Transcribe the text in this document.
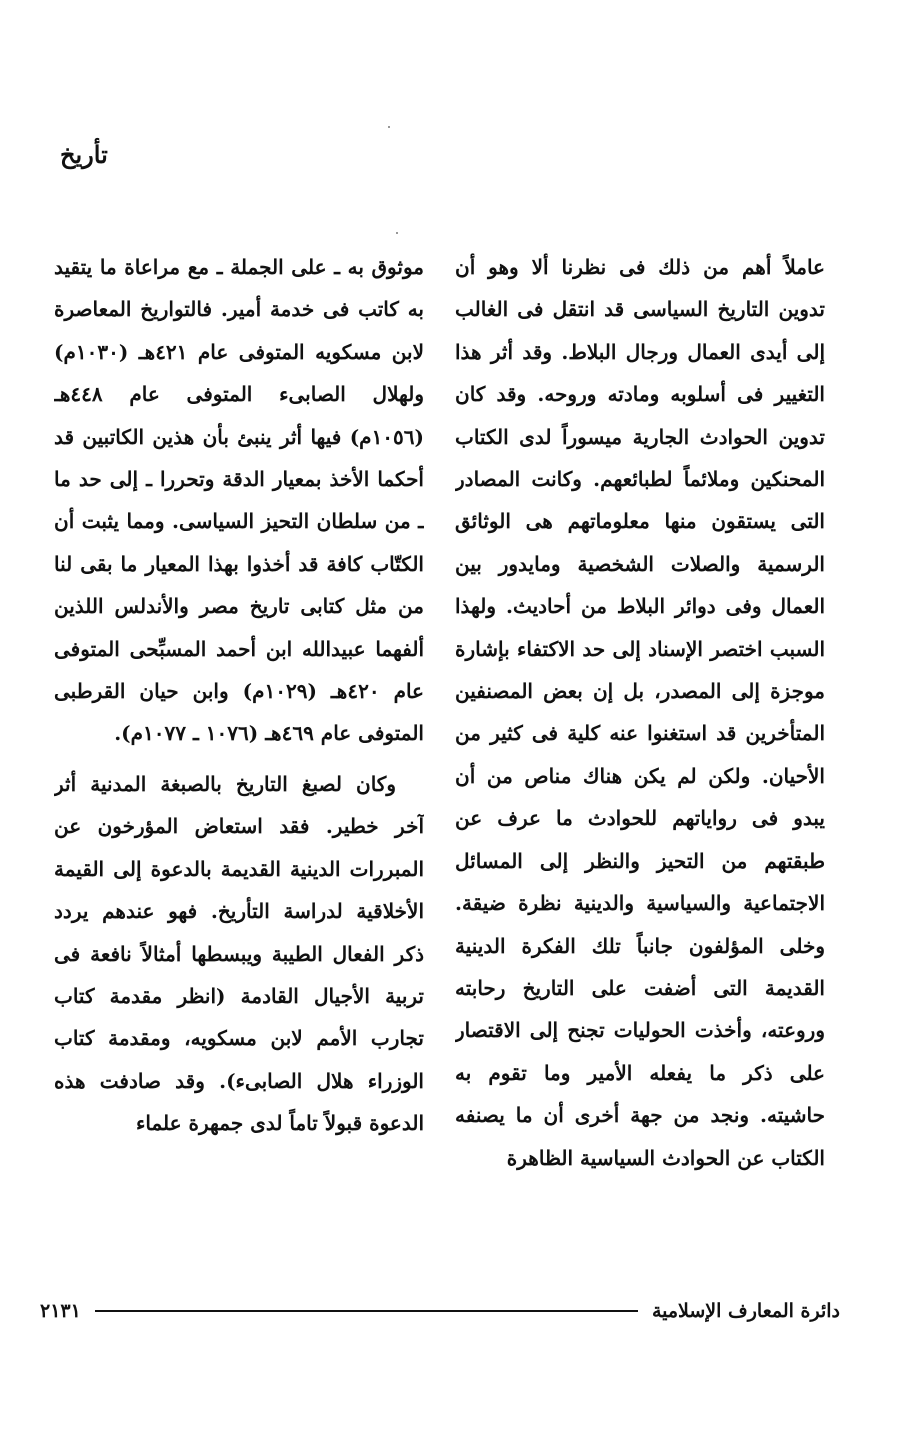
تأريخ

عاملاً أهم من ذلك فى نظرنا ألا وهو أن تدوين التاريخ السياسى قد انتقل فى الغالب إلى أيدى العمال ورجال البلاط. وقد أثر هذا التغيير فى أسلوبه ومادته وروحه. وقد كان تدوين الحوادث الجارية ميسوراً لدى الكتاب المحنكين وملائماً لطبائعهم. وكانت المصادر التى يستقون منها معلوماتهم هى الوثائق الرسمية والصلات الشخصية ومايدور بين العمال وفى دوائر البلاط من أحاديث. ولهذا السبب اختصر الإسناد إلى حد الاكتفاء بإشارة موجزة إلى المصدر، بل إن بعض المصنفين المتأخرين قد استغنوا عنه كلية فى كثير من الأحيان. ولكن لم يكن هناك مناص من أن يبدو فى رواياتهم للحوادث ما عرف عن طبقتهم من التحيز والنظر إلى المسائل الاجتماعية والسياسية والدينية نظرة ضيقة. وخلى المؤلفون جانباً تلك الفكرة الدينية القديمة التى أضفت على التاريخ رحابته وروعته، وأخذت الحوليات تجنح إلى الاقتصار على ذكر ما يفعله الأمير وما تقوم به حاشيته. ونجد من جهة أخرى أن ما يصنفه الكتاب عن الحوادث السياسية الظاهرة

موثوق به ـ على الجملة ـ مع مراعاة ما يتقيد به كاتب فى خدمة أمير. فالتواريخ المعاصرة لابن مسكويه المتوفى عام ٤٢١هـ (١٠٣٠م) ولهلال الصابىء المتوفى عام ٤٤٨هـ (١٠٥٦م) فيها أثر ينبئ بأن هذين الكاتبين قد أحكما الأخذ بمعيار الدقة وتحررا ـ إلى حد ما ـ من سلطان التحيز السياسى. ومما يثبت أن الكتّاب كافة قد أخذوا بهذا المعيار ما بقى لنا من مثل كتابى تاريخ مصر والأندلس اللذين ألفهما عبيدالله ابن أحمد المسبِّحى المتوفى عام ٤٢٠هـ (١٠٢٩م) وابن حيان القرطبى المتوفى عام ٤٦٩هـ (١٠٧٦ ـ ١٠٧٧م).

وكان لصبغ التاريخ بالصبغة المدنية أثر آخر خطير. فقد استعاض المؤرخون عن المبررات الدينية القديمة بالدعوة إلى القيمة الأخلاقية لدراسة التأريخ. فهو عندهم يردد ذكر الفعال الطيبة ويبسطها أمثالاً نافعة فى تربية الأجيال القادمة (انظر مقدمة كتاب تجارب الأمم لابن مسكويه، ومقدمة كتاب الوزراء هلال الصابىء). وقد صادفت هذه الدعوة قبولاً تاماً لدى جمهرة علماء

دائرة المعارف الإسلامية
٢١٣١
